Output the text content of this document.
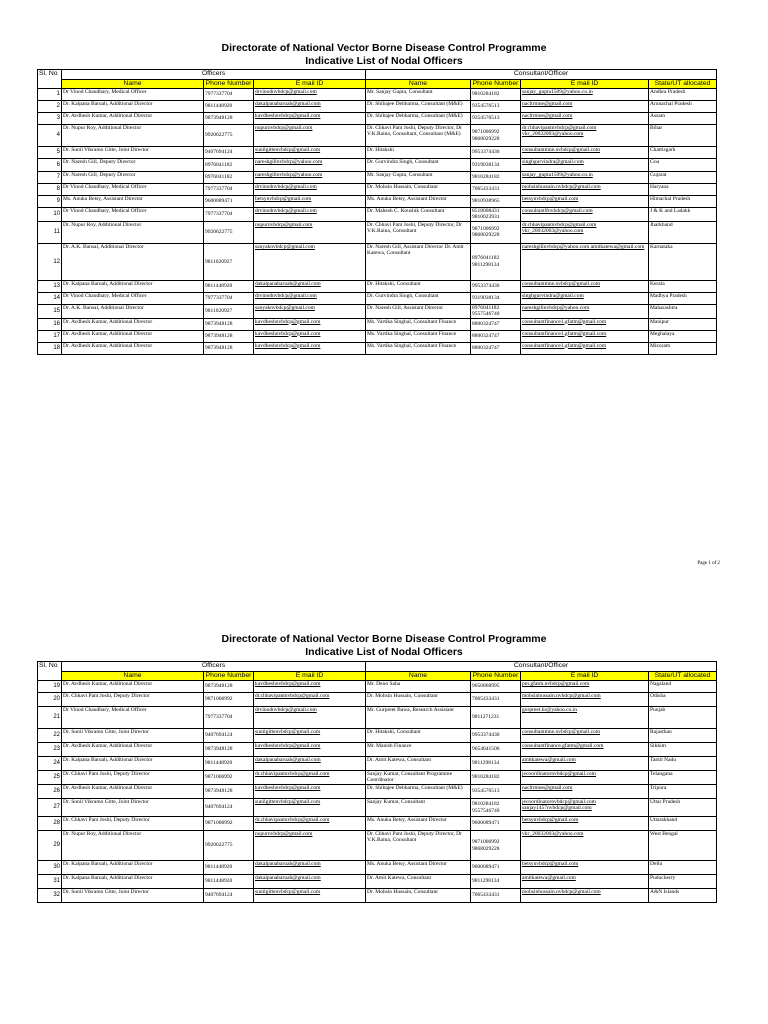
Directorate of National Vector Borne Disease Control Programme
Indicative List of Nodal Officers
Sl. No	Officers			Consultant/Officer			
	Name	Phone Number	E mail ID	Name	Phone Number	E mail ID	State/UT allocated
1	Dr Vinod Chaudhary, Medical Officer	7977337704	drvinodnvbdcp@gmail.com	Mr. Sanjay Gupta, Consultant	9810284182	sanjay_gupta1509@yahoo.co.in	Andhra Pradesh
2	Dr. Kalpana Baruah, Additional Director	9811448920	dakalpanabaruah@gmail.com	Dr. Shibajee Debbarma, Consultant (M&E)	9354576513	nacltrmne@gmail.com	Arunachal Pradesh
3	Dr. Avdhesh Kumar, Additional Director	9873948128	kavdheshnvbdcp@gmail.com	Dr. Shibajee Debbarma, Consultant (M&E)	9354576513	nacltrmne@gmail.com	Assam
4	Dr. Nupur Roy, Additional Director	9920622775	nupurnvbdcp@gmail.com	Dr. Chhavi Pant Joshi, Deputy Director, Dr V.K.Raina, Consultant, Consultant (M&E)	9871006992 9868029228	dr.chhavipantnvbdcp@gmail.com vkr_20032003@yahoo.com	Bihar
5	Dr. Sunil Vikramo Gitte, Joint Director	9407694124	sunilgittenvbdcp@gmail.com	Dr. Hitakshi	9953374436	consultantmne.nvbdcp@gmail.com	Chattisgarh
6	Dr. Naresh Gill, Deputy Director	8976041182	nareshgillnvbdcp@yahoo.com	Dr. Gurvindra Singh, Consultant	9319038134	singhgurvindra@gmail.com	Goa
7	Dr. Naresh Gill, Deputy Director	8976041182	nareshgillnvbdcp@yahoo.com	Mr. Sanjay Gupta, Consultant	9810284182	sanjay_gupta1509@yahoo.co.in	Gujarat
8	Dr Vinod Chaudhary, Medical Officer	7977337704	drvinodnvbdcp@gmail.com	Dr. Mohsin Hussain, Consultant	7065433431	mohsinhussain.nvbdcp@gmail.com	Haryana
9	Ms. Anuka Betsy, Assistant Director	9600089471	betsynvbdcp@gmail.com	Ms. Anuka Betsy, Assistant Director	9810938965	betsynvbdcp@gmail.com	Himachal Pradesh
10	Dr Vinod Chaudhary, Medical Officer	7977337704	drvinodnvbdcp@gmail.com	Dr. Mahesh C. Koushik Consultant	8518008431 9810023931	consultantlfnvbdcp@gmail.com	J & K and Ladakh
11	Dr. Nupur Roy, Additional Director	9920622775	nupurnvbdcp@gmail.com	Dr. Chhavi Pant Joshi, Deputy Director, Dr V.K.Raina, Consultant	9871006992 9868029228	dr.chhavipantnvbdcp@gmail.com vkr_20032003@yahoo.com	Jharkhand
12	Dr. A.K. Bansal, Additional Director	9811020927	sanyaknvbdcp@gmail.com	Dr. Naresh Gill, Assistant Director Dr. Amit Katewa, Consultant	8976041182 9811298134	nareshgillnvbdcp@yahoo.com amitkatewa@gmail.com	Karnataka
13	Dr. Kalpana Baruah, Additional Director	9811448920	dakalpanabaruah@gmail.com	Dr. Hitakshi, Consultant	9953374436	consultantmne.nvbdcp@gmail.com	Kerala
14	Dr Vinod Chaudhary, Medical Officer	7977337704	drvinodnvbdcp@gmail.com	Dr. Gurvindra Singh, Consultant	9319038134	singhgurvindra@gmail.com	Madhya Pradesh
15	Dr. A.K. Bansal, Additional Director	9811020927	sanyaknvbdcp@gmail.com	Dr. Naresh Gill, Assistant Director	8976041182 9557546740	nareshgillnvbdcp@yahoo.com	Maharashtra
16	Dr. Avdhesh Kumar, Additional Director	9873948128	kavdheshnvbdcp@gmail.com	Ms. Vartika Singhal, Consultant Finance	8800324747	consultantfinance1.gfatm@gmail.com	Manipur
17	Dr. Avdhesh Kumar, Additional Director	9873948128	kavdheshnvbdcp@gmail.com	Ms. Vartika Singhal, Consultant Finance	8800324747	consultantfinance1.gfatm@gmail.com	Meghalaya
18	Dr. Avdhesh Kumar, Additional Director	9873948128	kavdheshnvbdcp@gmail.com	Ms. Vartika Singhal, Consultant Finance	8800324747	consultantfinance1.gfatm@gmail.com	Mizoram
Page 1 of 2
Directorate of National Vector Borne Disease Control Programme
Indicative List of Nodal Officers
Sl. No	Officers			Consultant/Officer			
	Name	Phone Number	E mail ID	Name	Phone Number	E mail ID	State/UT allocated
19	Dr. Avdhesh Kumar, Additional Director	9873948128	kavdheshnvbdcp@gmail.com	Mr. Deoo Saha	9650868995	pm.gfatm.nvbdcp@gmail.com	Nagaland
20	Dr. Chhavi Pant Joshi, Deputy Director	9871006992	dr.chhavipantnvbdcp@gmail.com	Dr. Mohsin Hussain, Consultant	7065433431	mohsinhussain.nvbdcp@gmail.com	Odisha
21	Dr Vinod Chaudhary, Medical Officer	7977337704	drvinodnvbdcp@gmail.com	Mr. Gurpreet Bawa, Research Assistant	9811271231	gurpreet.hr@yahoo.co.in	Punjab
22	Dr. Sunil Vikramo Gitte, Joint Director	9407694124	sunilgittenvbdcp@gmail.com	Dr. Hitakshi, Consultant	9953374436	consultantmne.nvbdcp@gmail.com	Rajasthan
23	Dr. Avdhesh Kumar, Additional Director	9873948128	kavdheshnvbdcp@gmail.com	Mr. Manish Finance	9654641506	consultantfinance.gfatm@gmail.com	Sikkim
24	Dr. Kalpana Baruah, Additional Director	9811448920	dakalpanabaruah@gmail.com	Dr. Amit Katewa, Consultant	9811298134	amitkatewa@gmail.com	Tamil Nadu
25	Dr. Chhavi Pant Joshi, Deputy Director	9871006992	dr.chhavipantnvbdcp@gmail.com	Sanjay Kumar, Consultant Programme Coordinator	9810284182	jecoordinatornvbdcp@gmail.com	Telangana
26	Dr. Avdhesh Kumar, Additional Director	9873948128	kavdheshnvbdcp@gmail.com	Dr. Shibajee Debbarma, Consultant (M&E)	9354576513	nacltrmne@gmail.com	Tripura
27	Dr. Sunil Vikramo Gitte, Joint Director	9407694124	sunilgittenvbdcp@gmail.com	Sanjay Kumar, Consultant	9810284182 9557546740	jecoordinatornvbdcp@gmail.com sanjay1457nvbdcp@gmail.com	Uttar Pradesh
28	Dr. Chhavi Pant Joshi, Deputy Director	9871006992	dr.chhavipantnvbdcp@gmail.com	Ms. Anuka Betsy, Assistant Director	9600089471	betsynvbdcp@gmail.com	Uttarakhand
29	Dr. Nupur Roy, Additional Director	9920622775	nupurnvbdcp@gmail.com	Dr. Chhavi Pant Joshi, Deputy Director, Dr V.K.Raina, Consultant	9871006992 9868029228	vkr_20032003@yahoo.com	West Bengal
30	Dr. Kalpana Baruah, Additional Director	9811448920	dakalpanabaruah@gmail.com	Ms. Anuka Betsy, Assistant Director	9600089471	betsynvbdcp@gmail.com	Delhi
31	Dr. Kalpana Baruah, Additional Director	9811448920	dakalpanabaruah@gmail.com	Dr. Amit Katewa, Consultant	9811298134	amitkatewa@gmail.com	Puducherry
32	Dr. Sunil Vikramo Gitte, Joint Director	9407694124	sunilgittenvbdcp@gmail.com	Dr. Mohsin Hussain, Consultant	7065433431	mohsinhussain.nvbdcp@gmail.com	A&N Islands
